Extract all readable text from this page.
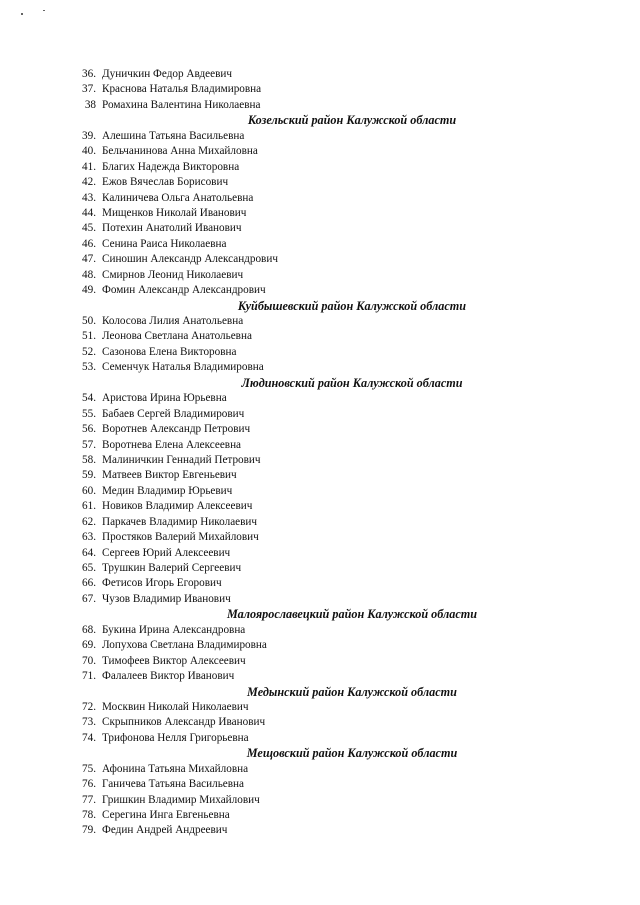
36. Дуничкин Федор Авдеевич
37. Краснова Наталья Владимировна
38 Ромахина Валентина Николаевна
Козельский район Калужской области
39. Алешина Татьяна Васильевна
40. Бельчанинова Анна Михайловна
41. Благих Надежда Викторовна
42. Ежов Вячеслав Борисович
43. Калиничева Ольга Анатольевна
44. Мищенков Николай Иванович
45. Потехин Анатолий Иванович
46. Сенина Раиса Николаевна
47. Синошин Александр Александрович
48. Смирнов Леонид Николаевич
49. Фомин Александр Александрович
Куйбышевский район Калужской области
50. Колосова Лилия Анатольевна
51. Леонова Светлана Анатольевна
52. Сазонова Елена Викторовна
53. Семенчук Наталья Владимировна
Людиновский район Калужской области
54. Аристова Ирина Юрьевна
55. Бабаев Сергей Владимирович
56. Воротнев Александр Петрович
57. Воротнева Елена Алексеевна
58. Малиничкин Геннадий Петрович
59. Матвеев Виктор Евгеньевич
60. Медин Владимир Юрьевич
61. Новиков Владимир Алексеевич
62. Паркачев Владимир Николаевич
63. Простяков Валерий Михайлович
64. Сергеев Юрий Алексеевич
65. Трушкин Валерий Сергеевич
66. Фетисов Игорь Егорович
67. Чузов Владимир Иванович
Малоярославецкий район Калужской области
68. Букина Ирина Александровна
69. Лопухова Светлана Владимировна
70. Тимофеев Виктор Алексеевич
71. Фалалеев Виктор Иванович
Медынский район Калужской области
72. Москвин Николай Николаевич
73. Скрыпников Александр Иванович
74. Трифонова Нелля Григорьевна
Мещовский район Калужской области
75. Афонина Татьяна Михайловна
76. Ганичева Татьяна Васильевна
77. Гришкин Владимир Михайлович
78. Серегина Инга Евгеньевна
79. Федин Андрей Андреевич
